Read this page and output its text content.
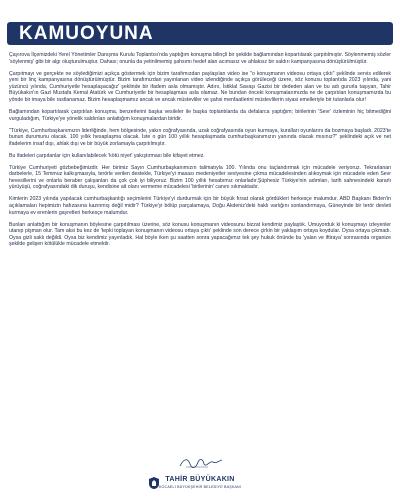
KAMUOYUNA

Çayırova İlçemizdeki Yerel Yönetimler Danışma Kurulu Toplantısı'nda yaptığım konuşma bilinçli bir şekilde bağlamından kopartılarak çarpıtılmıştır. Söylenmemiş sözler 'söylenmiş' gibi bir algı oluşturulmuştur. Dahası; onunla da yetinilmemiş şahsımı hedef alan acımasız ve ahlaksız bir saldırı kampanyasına dönüştürülmüştür.

Çarpıtmayı ve gerçekte ne söylediğimizi açıkça göstermek için bizim tarafımızdan paylaşılan video ise "o konuşmanın videosu ortaya çıktı" şeklinde servis edilerek yeni bir linç kampanyasına dönüştürülmüştür. Bizim tarafımızdan yayınlanan video izlendiğinde açıkça görüleceği üzere, söz konusu toplantıda 2023 yılında, yani yüzüncü yılında, Cumhuriyetle hesaplaşacağız' şeklinde bir ifadem asla olmamıştır. Adını, İstiklal Savaşı Gazisi bir dededen alan ve bu adı gururla taşıyan, Tahir Büyükakın'ın Gazi Mustafa Kemal Atatürk ve Cumhuriyetle bir hesaplaşması asla olamaz. Ne bundan önceki konuşmalarımızda ne de çarpıtılan konuşmamızda bu yönde bir imaya bile rastlanamaz. Bizim hesaplaşmamız ancak ve ancak müstevliler ve şahsi menfaatlerini müstevlilerin siyasi emelleriyle bir tutanlarla olur!

Bağlamından kopartılarak çarpıtılan konuşma, benzerlerini başka vesileler ile başka toplantılarda da defalarca yaptığım; birilerinin 'Sevr' özleminin hiç bitmediğini vurguladığım, Türkiye'ye yönelik saldırıları anlattığım konuşmalardan biridir.

"Türkiye, Cumhurbaşkanımızın liderliğinde, hem bölgesinde, yakın coğrafyasında, uzak coğrafyasında oyun kurmaya, kuralları oyunlarını da bozmaya başladı. 2023'te bunun durumunu olacak. 100 yıllık hesaplaşma olacak. İste o gün 100 yıllık hesaplaşmada cumhurbaşkanımızın yanında olacak mısınız?" şeklindeki açık ve net ifadelerim insaf dışı, ahlak dışı ve bir büyük zorlamayla çarpıtılmıştır.

Bu ifadeleri çarpıtanlar için kullanılabilecek 'kötü niyet' yakıştırması bile kifayet etmez.

Türkiye Cumhuriyeti gözbebeğimizdir. Her birimiz Sayın Cumhurbaşkanımızın talimatıyla 100. Yılında onu taçlandırmak için mücadele veriyoruz. Tekrarlanan darbelerle, 15 Temmuz kalkışmasıyla, terörle verilen destekle, Türkiye'yi masası medeniyetler seviyesine çıkma mücadelesinden alıkoymak için mücadele eden Sevr hevesillerini ve onlarla beraber çalışanları da çok çok iyi biliyoruz. Bizim 100 yıllık hesabımız onlarladır.Şüphesiz Türkiye'nin adımları, tarih sahnesindeki kararlı yürüyüşü, coğrafyasındaki dik duruşu, kendisine ait olanı vermeme mücadelesi 'birilerinin' canını sıkmaktadır.

Kimlerin 2023 yılında yapılacak cumhurbaşkanlığı seçimlerini Türkiye'yi durdurmak için bir büyük fırsat olarak gördükleri herkesçe malumdur. ABD Başkanı Biden'in açıklamaları hepimizin hafızasına kazınmış değil midir? Türkiye'yi bölüp parçalamaya, Doğu Akdeniz'deki haklı varlığını sonlandırmaya, Güneyinde bir terör devleti kurmaya ev erenlerin gayretleri herkesçe malumdur.

Bunları anlattığım bir konuşmanın böylesine çarpıtılması üzerine, söz konusu konuşmanın videosunu bizzat kendimiz paylaştık. Umuyorduk ki konuşmayı izleyenler utanıp pişman olur. Tam aksi bu kez de 'tepki toplayan konuşmanın videosu ortaya çıktı' şeklinde son derece çirkin bir yaklaşım ortaya koydular. Oysa ortaya çıkmadı. Oysa gizli saklı değildi. Oysa biz kendimiz yayınladık. Hal böyle iken şu saatten sonra yapacağımız tek şey hukuk önünde bu 'yalan ve iftiraya' sonrasında organize şekilde gelişen kötülükle mücadele etmektir.

TAHİR BÜYÜKAKIN
KOCAELİ BÜYÜKŞEHİR BELEDİYE BAŞKANI
